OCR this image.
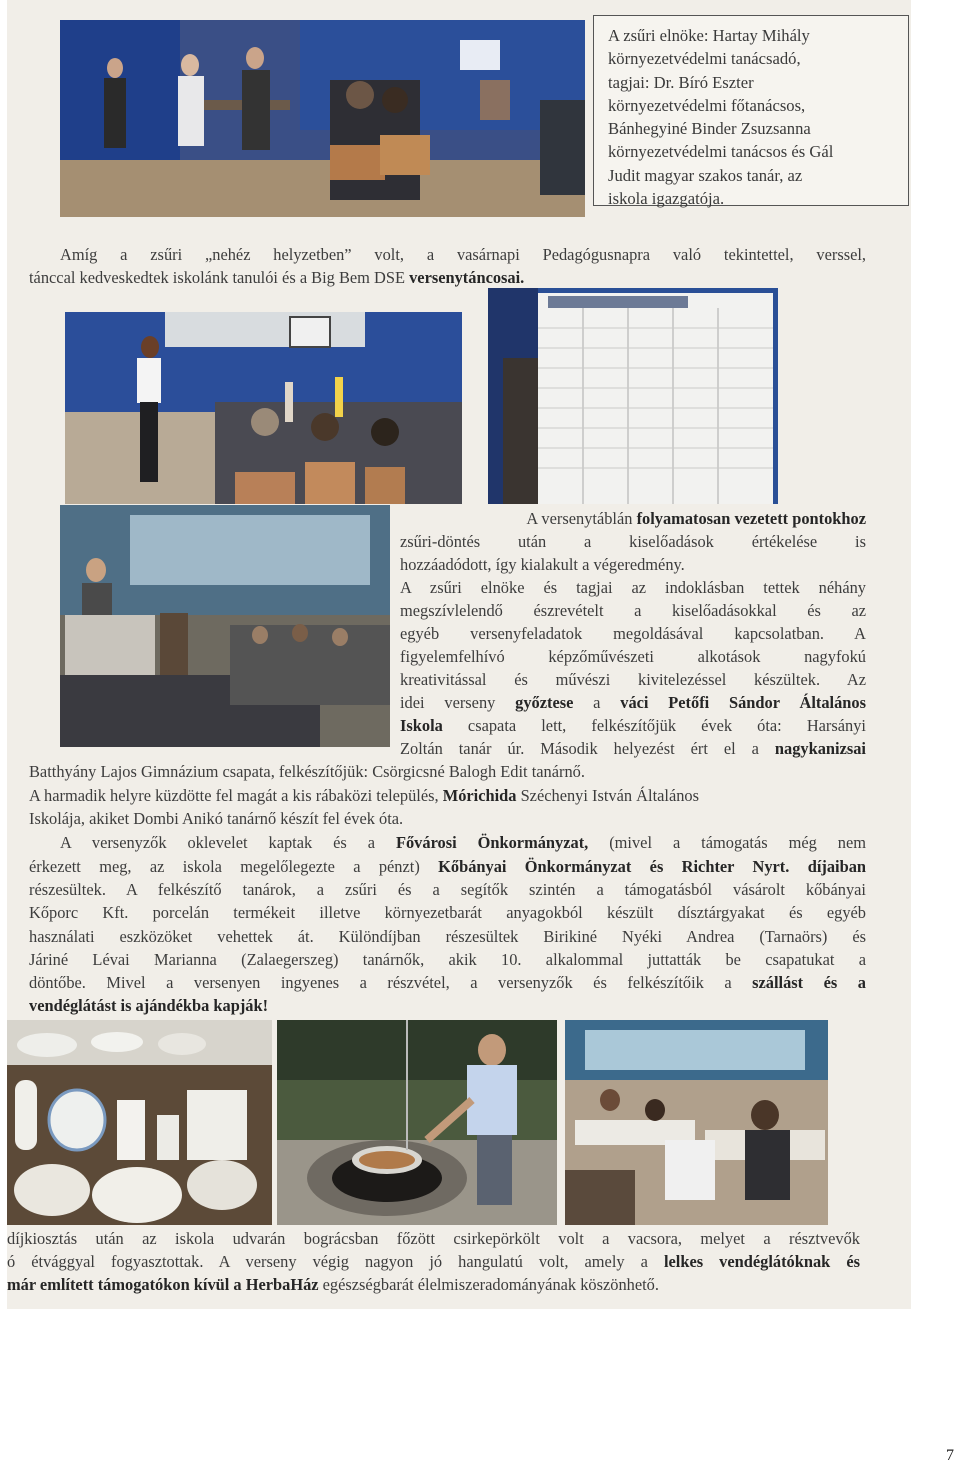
A zsűri elnöke: Hartay Mihály
környezetvédelmi tanácsadó,
tagjai: Dr. Bíró Eszter
környezetvédelmi főtanácsos,
Bánhegyiné Binder Zsuzsanna
környezetvédelmi tanácsos és Gál
Judit magyar szakos tanár, az
iskola igazgatója.
Amíg a zsűri „nehéz helyzetben” volt, a vasárnapi Pedagógusnapra való tekintettel, verssel,
tánccal kedveskedtek iskolánk tanulói és a Big Bem DSE versenytáncosai.
A versenytáblán folyamatosan vezetett pontokhoz
zsűri-döntés után a kiselőadások értékelése is
hozzáadódott, így kialakult a végeredmény.
A zsűri elnöke és tagjai az indoklásban tettek néhány
megszívlelendő észrevételt a kiselőadásokkal és az
egyéb versenyfeladatok megoldásával kapcsolatban. A
figyelemfelhívó képzőművészeti alkotások nagyfokú
kreativitással és művészi kivitelezéssel készültek. Az
idei verseny győztese a váci Petőfi Sándor Általános
Iskola csapata lett, felkészítőjük évek óta: Harsányi
Zoltán tanár úr. Második helyezést ért el a nagykanizsai
Batthyány Lajos Gimnázium csapata, felkészítőjük: Csörgicsné Balogh Edit tanárnő.
A harmadik helyre küzdötte fel magát a kis rábaközi település, Mórichida Széchenyi István Általános
Iskolája, akiket Dombi Anikó tanárnő készít fel évek óta.
A versenyzők oklevelet kaptak és a Fővárosi Önkormányzat, (mivel a támogatás még nem
érkezett meg, az iskola megelőlegezte a pénzt) Kőbányai Önkormányzat és Richter Nyrt. díjaiban
részesültek. A felkészítő tanárok, a zsűri és a segítők szintén a támogatásból vásárolt kőbányai
Kőporc Kft. porcelán termékeit illetve környezetbarát anyagokból készült dísztárgyakat és egyéb
használati eszközöket vehettek át. Különdíjban részesültek Birikiné Nyéki Andrea (Tarnaörs) és
Járiné Lévai Marianna (Zalaegerszeg) tanárnők, akik 10. alkalommal juttatták be csapatukat a
döntőbe. Mivel a versenyen ingyenes a részvétel, a versenyzők és felkészítőik a szállást és a
vendéglátást is ajándékba kapják!
díjkiosztás után az iskola udvarán bográcsban főzött csirkepörkölt volt a vacsora, melyet a résztvevők
ó étvággyal fogyasztottak. A verseny végig nagyon jó hangulatú volt, amely a lelkes vendéglátóknak és
már említett támogatókon kívül a HerbaHáz egészségbarát élelmiszeradományának köszönhető.
7
